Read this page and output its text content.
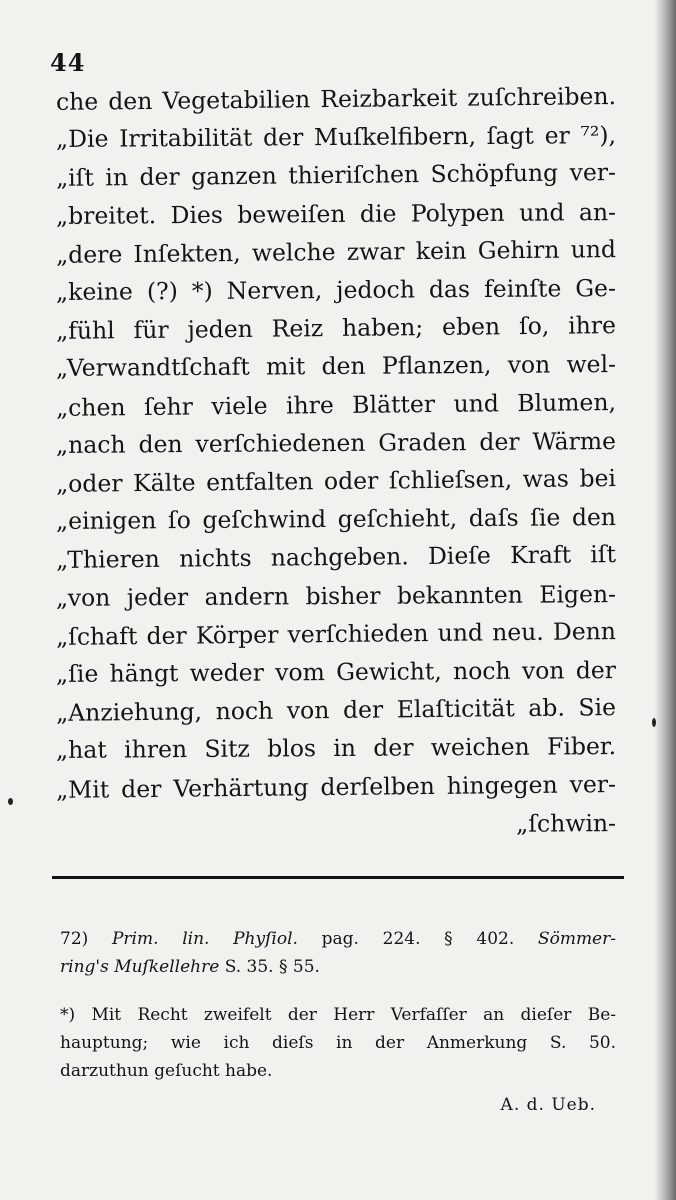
44
che den Vegetabilien Reizbarkeit zuſchreiben.
„Die Irritabilität der Muſkelfibern, ſagt er ⁷²),
„iſt in der ganzen thieriſchen Schöpfung ver-
„breitet. Dies beweiſen die Polypen und an-
„dere Inſekten, welche zwar kein Gehirn und
„keine (?) *) Nerven, jedoch das feinſte Ge-
„fühl für jeden Reiz haben; eben ſo, ihre
„Verwandtſchaft mit den Pflanzen, von wel-
„chen ſehr viele ihre Blätter und Blumen,
„nach den verſchiedenen Graden der Wärme
„oder Kälte entfalten oder ſchlieſsen, was bei
„einigen ſo geſchwind geſchieht, daſs ſie den
„Thieren nichts nachgeben. Dieſe Kraft iſt
„von jeder andern bisher bekannten Eigen-
„ſchaft der Körper verſchieden und neu. Denn
„ſie hängt weder vom Gewicht, noch von der
„Anziehung, noch von der Elaſticität ab. Sie
„hat ihren Sitz blos in der weichen Fiber.
„Mit der Verhärtung derſelben hingegen ver-
„ſchwin-
72) Prim. lin. Phyſiol. pag. 224. § 402. Sömmer-
ring's Muſkellehre S. 35. § 55.
*) Mit Recht zweifelt der Herr Verfaſſer an dieſer Be-
hauptung; wie ich dieſs in der Anmerkung S. 50.
darzuthun geſucht habe.
A. d. Ueb.
